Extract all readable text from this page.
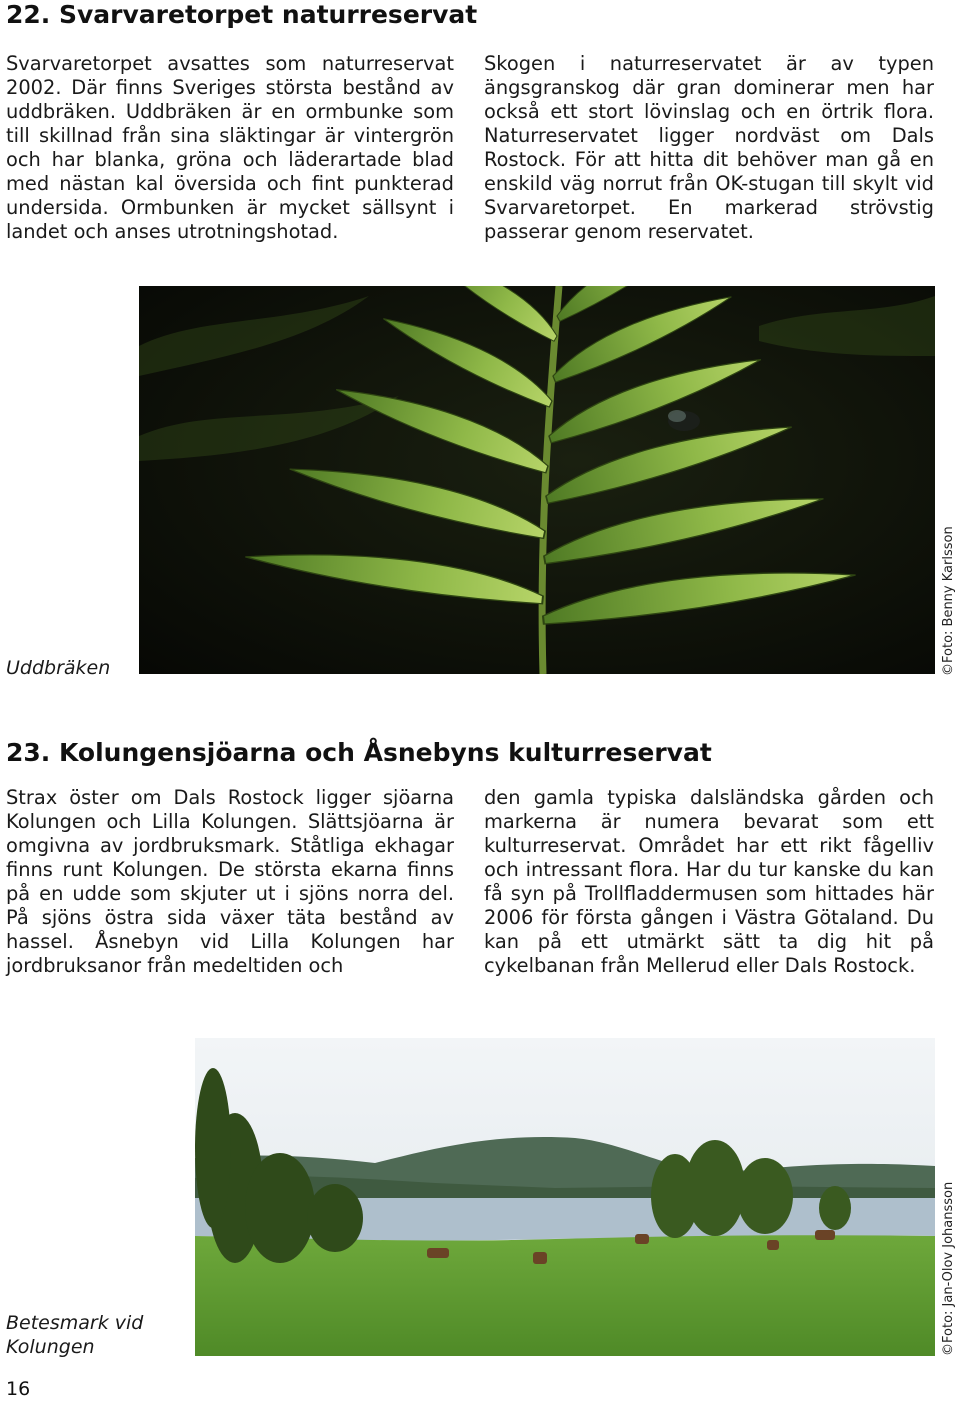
22. Svarvaretorpet naturreservat

Svarvaretorpet avsattes som naturreservat 2002. Där finns Sveriges största bestånd av uddbräken. Uddbräken är en ormbunke som till skillnad från sina släktingar är vintergrön och har blanka, gröna och läderartade blad med nästan kal översida och fint punkterad undersida. Ormbunken är mycket sällsynt i landet och anses utrotningshotad.

Skogen i naturreservatet är av typen ängsgranskog där gran dominerar men har också ett stort lövinslag och en örtrik flora. Naturreservatet ligger nordväst om Dals Rostock. För att hitta dit behöver man gå en enskild väg norrut från OK-stugan till skylt vid Svarvaretorpet. En markerad strövstig passerar genom reservatet.

Uddbräken	©Foto: Benny Karlsson
23. Kolungensjöarna och Åsnebyns kulturreservat

Strax öster om Dals Rostock ligger sjöarna Kolungen och Lilla Kolungen. Slättsjöarna är omgivna av jordbruksmark. Ståtliga ekhagar finns runt Kolungen. De största ekarna finns på en udde som skjuter ut i sjöns norra del. På sjöns östra sida växer täta bestånd av hassel. Åsnebyn vid Lilla Kolungen har jordbruksanor från medeltiden och

den gamla typiska dalsländska gården och markerna är numera bevarat som ett kulturreservat. Området har ett rikt fågelliv och intressant flora. Har du tur kanske du kan få syn på Trollfladdermusen som hittades här 2006 för första gången i Västra Götaland. Du kan på ett utmärkt sätt ta dig hit på cykelbanan från Mellerud eller Dals Rostock.

Betesmark vid Kolungen	©Foto: Jan-Olov Johansson
16
